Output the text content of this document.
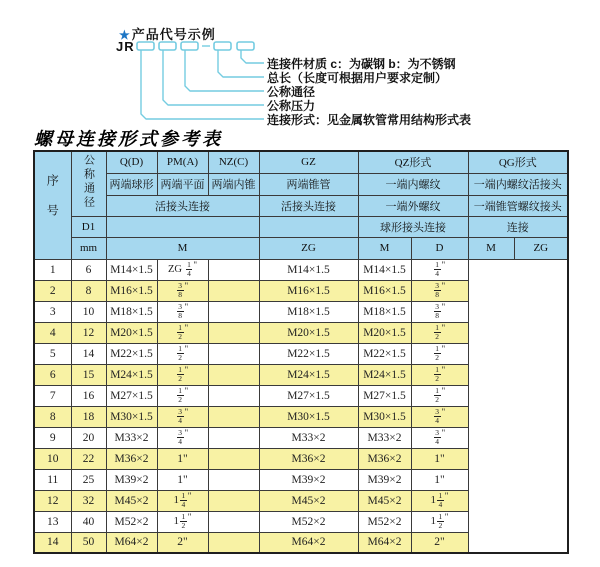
★产品代号示例
JR
连接件材质 c：为碳钢 b：为不锈钢
总长（长度可根据用户要求定制）
公称通径
公称压力
连接形式：见金属软管常用结构形式表
螺母连接形式参考表
序号	公称通径	Q(D)	PM(A)	NZ(C)	GZ	QZ形式		QG形式	
		两端球形	两端平面	两端内锥	两端锥管	一端内螺纹		一端内螺纹活接头	
		活接头连接			活接头连接	一端外螺纹		一端锥管螺纹接头	
	D1					球形接头连接		连接	
	mm	M			ZG	M	D	M	ZG
1	6	M14×1.5	ZG $\frac{1}{4} ^"$		M14×1.5	M14×1.5	$\frac{1}{4} ^"$
2	8	M16×1.5	$\frac{3}{8} ^"$		M16×1.5	M16×1.5	$\frac{3}{8} ^"$
3	10	M18×1.5	$\frac{3}{8} ^"$		M18×1.5	M18×1.5	$\frac{3}{8} ^"$
4	12	M20×1.5	$\frac{1}{2} ^"$		M20×1.5	M20×1.5	$\frac{1}{2} ^"$
5	14	M22×1.5	$\frac{1}{2} ^"$		M22×1.5	M22×1.5	$\frac{1}{2} ^"$
6	15	M24×1.5	$\frac{1}{2} ^"$		M24×1.5	M24×1.5	$\frac{1}{2} ^"$
7	16	M27×1.5	$\frac{1}{2} ^"$		M27×1.5	M27×1.5	$\frac{1}{2} ^"$
8	18	M30×1.5	$\frac{3}{4} ^"$		M30×1.5	M30×1.5	$\frac{3}{4} ^"$
9	20	M33×2	$\frac{3}{4} ^"$		M33×2	M33×2	$\frac{3}{4} ^"$
10	22	M36×2	1"		M36×2	M36×2	1"		
11	25	M39×2	1"		M39×2	M39×2	1"		
12	32	M45×2	$1 \frac{1}{4} ^"$		M45×2	M45×2	$1 \frac{1}{4} ^"$
13	40	M52×2	$1 \frac{1}{2} ^"$		M52×2	M52×2	$1 \frac{1}{2} ^"$
14	50	M64×2	2"		M64×2	M64×2	2"		
